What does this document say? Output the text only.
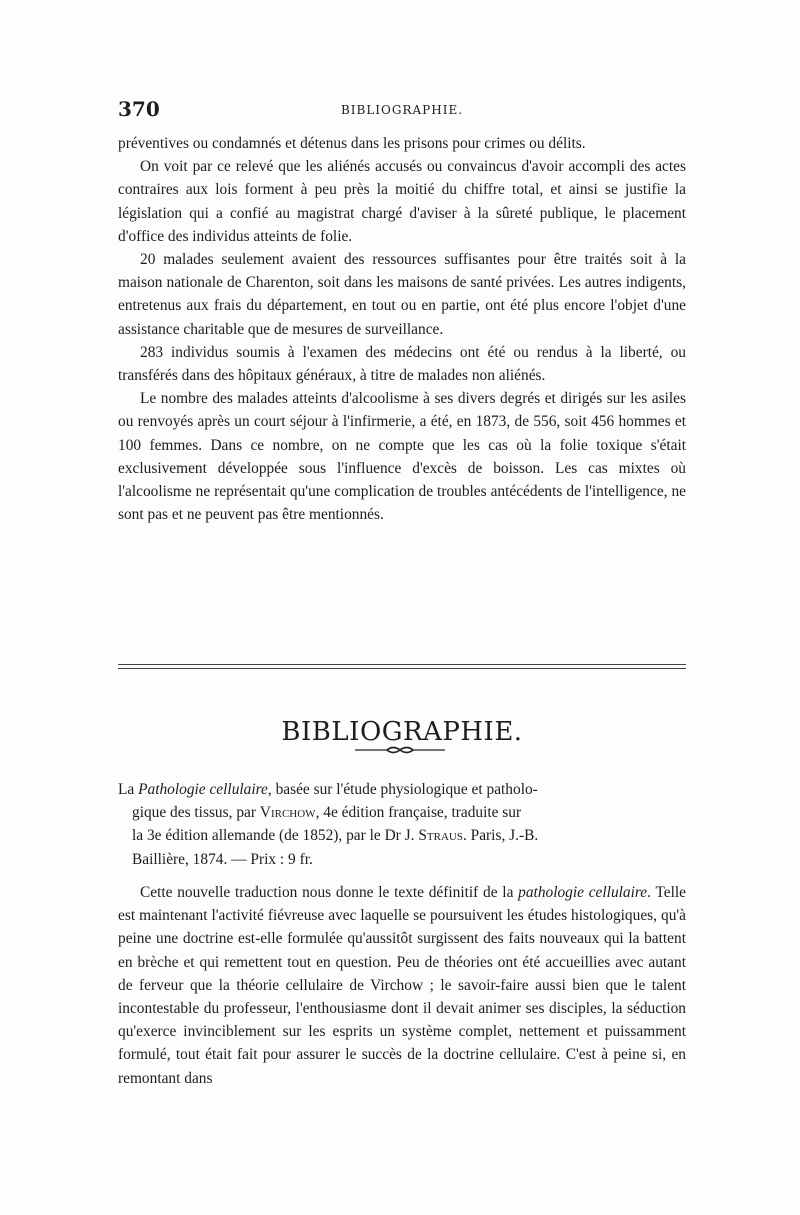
370	BIBLIOGRAPHIE.

préventives ou condamnés et détenus dans les prisons pour crimes ou délits.

On voit par ce relevé que les aliénés accusés ou convaincus d'avoir accompli des actes contraires aux lois forment à peu près la moitié du chiffre total, et ainsi se justifie la législation qui a confié au magistrat chargé d'aviser à la sûreté publique, le placement d'office des individus atteints de folie.

20 malades seulement avaient des ressources suffisantes pour être traités soit à la maison nationale de Charenton, soit dans les maisons de santé privées. Les autres indigents, entretenus aux frais du département, en tout ou en partie, ont été plus encore l'objet d'une assistance charitable que de mesures de surveillance.

283 individus soumis à l'examen des médecins ont été ou rendus à la liberté, ou transférés dans des hôpitaux généraux, à titre de malades non aliénés.

Le nombre des malades atteints d'alcoolisme à ses divers degrés et dirigés sur les asiles ou renvoyés après un court séjour à l'infirmerie, a été, en 1873, de 556, soit 456 hommes et 100 femmes. Dans ce nombre, on ne compte que les cas où la folie toxique s'était exclusivement développée sous l'influence d'excès de boisson. Les cas mixtes où l'alcoolisme ne représentait qu'une complication de troubles antécédents de l'intelligence, ne sont pas et ne peuvent pas être mentionnés.

BIBLIOGRAPHIE.
La Pathologie cellulaire, basée sur l'étude physiologique et patholo-
gique des tissus, par Virchow, 4e édition française, traduite sur
la 3e édition allemande (de 1852), par le Dr J. Straus. Paris, J.-B.
Baillière, 1874. — Prix : 9 fr.

Cette nouvelle traduction nous donne le texte définitif de la pathologie cellulaire. Telle est maintenant l'activité fiévreuse avec laquelle se poursuivent les études histologiques, qu'à peine une doctrine est-elle formulée qu'aussitôt surgissent des faits nouveaux qui la battent en brèche et qui remettent tout en question. Peu de théories ont été accueillies avec autant de ferveur que la théorie cellulaire de Virchow ; le savoir-faire aussi bien que le talent incontestable du professeur, l'enthousiasme dont il devait animer ses disciples, la séduction qu'exerce invinciblement sur les esprits un système complet, nettement et puissamment formulé, tout était fait pour assurer le succès de la doctrine cellulaire. C'est à peine si, en remontant dans
